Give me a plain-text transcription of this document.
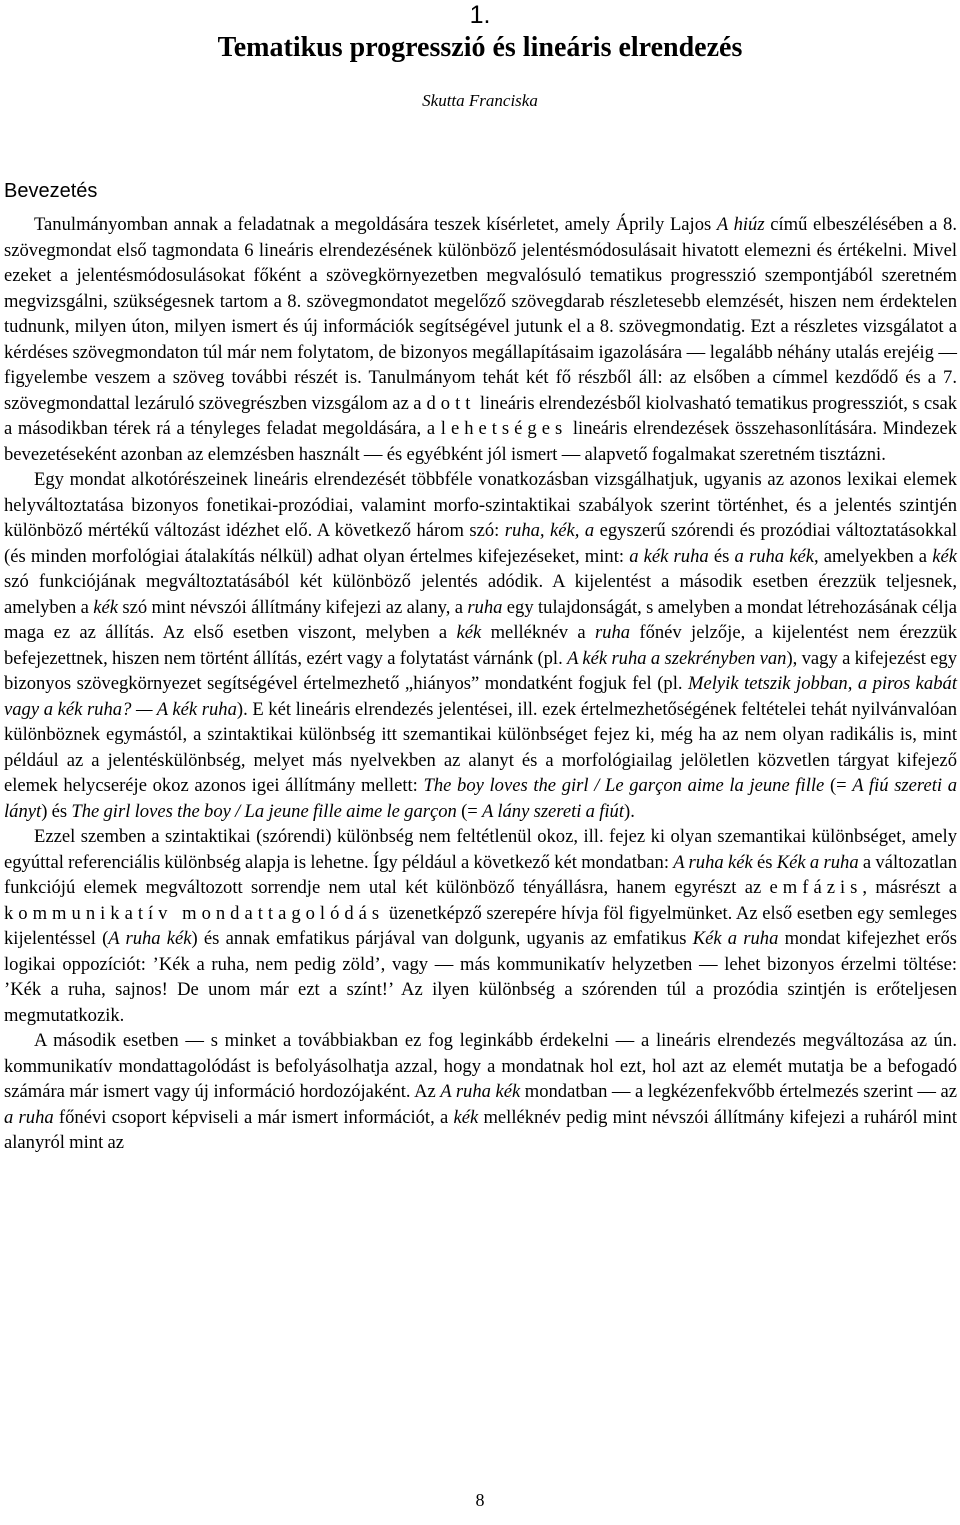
1.
Tematikus progresszió és lineáris elrendezés
Skutta Franciska
Bevezetés

Tanulmányomban annak a feladatnak a megoldására teszek kísérletet, amely Áprily Lajos A hiúz című elbeszélésében a 8. szövegmondat első tagmondata 6 lineáris elrendezésének különböző jelentésmódosulásait hivatott elemezni és értékelni. Mivel ezeket a jelentésmódosulásokat főként a szövegkörnyezetben megvalósuló tematikus progresszió szempontjából szeretném megvizsgálni, szükségesnek tartom a 8. szövegmondatot megelőző szövegdarab részletesebb elemzését, hiszen nem érdektelen tudnunk, milyen úton, milyen ismert és új információk segítségével jutunk el a 8. szövegmondatig. Ezt a részletes vizsgálatot a kérdéses szövegmondaton túl már nem folytatom, de bizonyos megállapításaim igazolására — legalább néhány utalás erejéig — figyelembe veszem a szöveg további részét is. Tanulmányom tehát két fő részből áll: az elsőben a címmel kezdődő és a 7. szövegmondattal lezáruló szövegrészben vizsgálom az adott lineáris elrendezésből kiolvasható tematikus progressziót, s csak a másodikban térek rá a tényleges feladat megoldására, a lehetséges lineáris elrendezések összehasonlítására. Mindezek bevezetéseként azonban az elemzésben használt — és egyébként jól ismert — alapvető fogalmakat szeretném tisztázni.

Egy mondat alkotórészeinek lineáris elrendezését többféle vonatkozásban vizsgálhatjuk, ugyanis az azonos lexikai elemek helyváltoztatása bizonyos fonetikai-prozódiai, valamint morfo-szintaktikai szabályok szerint történhet, és a jelentés szintjén különböző mértékű változást idézhet elő. A következő három szó: ruha, kék, a egyszerű szórendi és prozódiai változtatásokkal (és minden morfológiai átalakítás nélkül) adhat olyan értelmes kifejezéseket, mint: a kék ruha és a ruha kék, amelyekben a kék szó funkciójának megváltoztatásából két különböző jelentés adódik. A kijelentést a második esetben érezzük teljesnek, amelyben a kék szó mint névszói állítmány kifejezi az alany, a ruha egy tulajdonságát, s amelyben a mondat létrehozásának célja maga ez az állítás. Az első esetben viszont, melyben a kék melléknév a ruha főnév jelzője, a kijelentést nem érezzük befejezettnek, hiszen nem történt állítás, ezért vagy a folytatást várnánk (pl. A kék ruha a szekrényben van), vagy a kifejezést egy bizonyos szövegkörnyezet segítségével értelmezhető „hiányos” mondatként fogjuk fel (pl. Melyik tetszik jobban, a piros kabát vagy a kék ruha? — A kék ruha). E két lineáris elrendezés jelentései, ill. ezek értelmezhetőségének feltételei tehát nyilvánvalóan különböznek egymástól, a szintaktikai különbség itt szemantikai különbséget fejez ki, még ha az nem olyan radikális is, mint például az a jelentéskülönbség, melyet más nyelvekben az alanyt és a morfológiailag jelöletlen közvetlen tárgyat kifejező elemek helycseréje okoz azonos igei állítmány mellett: The boy loves the girl / Le garçon aime la jeune fille (= A fiú szereti a lányt) és The girl loves the boy / La jeune fille aime le garçon (= A lány szereti a fiút).

Ezzel szemben a szintaktikai (szórendi) különbség nem feltétlenül okoz, ill. fejez ki olyan szemantikai különbséget, amely egyúttal referenciális különbség alapja is lehetne. Így például a következő két mondatban: A ruha kék és Kék a ruha a változatlan funkciójú elemek megváltozott sorrendje nem utal két különböző tényállásra, hanem egyrészt az emfázis, másrészt a kommunikatív mondattagolódás üzenetképző szerepére hívja föl figyelmünket. Az első esetben egy semleges kijelentéssel (A ruha kék) és annak emfatikus párjával van dolgunk, ugyanis az emfatikus Kék a ruha mondat kifejezhet erős logikai oppozíciót: ’Kék a ruha, nem pedig zöld’, vagy — más kommunikatív helyzetben — lehet bizonyos érzelmi töltése: ’Kék a ruha, sajnos! De unom már ezt a színt!’ Az ilyen különbség a szórenden túl a prozódia szintjén is erőteljesen megmutatkozik.

A második esetben — s minket a továbbiakban ez fog leginkább érdekelni — a lineáris elrendezés megváltozása az ún. kommunikatív mondattagolódást is befolyásolhatja azzal, hogy a mondatnak hol ezt, hol azt az elemét mutatja be a befogadó számára már ismert vagy új információ hordozójaként. Az A ruha kék mondatban — a legkézenfekvőbb értelmezés szerint — az a ruha főnévi csoport képviseli a már ismert információt, a kék melléknév pedig mint névszói állítmány kifejezi a ruháról mint alanyról mint az

8
